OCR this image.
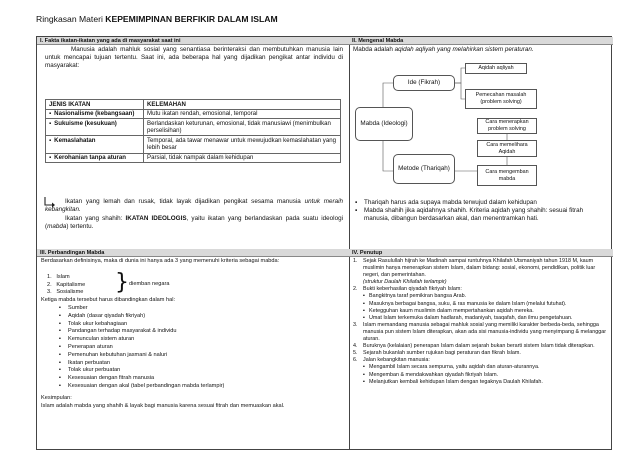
Ringkasan Materi KEPEMIMPINAN BERFIKIR DALAM ISLAM
I. Fakta ikatan-ikatan yang ada di masyarakat saat ini
Manusia adalah mahluk sosial yang senantiasa berinteraksi dan membutuhkan manusia lain untuk mencapai tujuan tertentu. Saat ini, ada beberapa hal yang dijadikan pengikat antar individu di masyarakat:
JENIS IKATAN	KELEMAHAN
▪ Nasionalisme (kebangsaan)	Mutu ikatan rendah, emosional, temporal
▪ Sukuisme (kesukuan)	Berlandaskan keturunan, emosional, tidak manusiawi (menimbulkan perselisihan)
▪ Kemaslahatan	Temporal, ada tawar menawar untuk mewujudkan kemaslahatan yang lebih besar
▪ Kerohanian tanpa aturan	Parsial, tidak nampak dalam kehidupan
Ikatan yang lemah dan rusak, tidak layak dijadikan pengikat sesama manusia untuk meraih kebangkitan.
Ikatan yang shahih: IKATAN IDEOLOGIS, yaitu ikatan yang berlandaskan pada suatu ideologi (mabda) tertentu.
II. Mengenal Mabda
Mabda adalah aqidah aqliyah yang melahirkan sistem peraturan.
Mabda (Ideologi)
Ide (Fikrah)
Metode (Thariqah)
Aqidah aqliyah
Pemecahan masalah (problem solving)
Cara menerapkan problem solving
Cara memelihara Aqidah
Cara mengemban mabda
▪ Thariqah harus ada supaya mabda terwujud dalam kehidupan
▪ Mabda shahih jika aqidahnya shahih. Kriteria aqidah yang shahih: sesuai fitrah manusia, dibangun berdasarkan akal, dan menentramkan hati.
III. Perbandingan Mabda
Berdasarkan definisinya, maka di dunia ini hanya ada 3 yang memenuhi kriteria sebagai mabda:
1.   Islam
2.   Kapitalisme
3.   Sosialisme } diemban negara
Ketiga mabda tersebut harus dibandingkan dalam hal:
▪ Sumber
▪ Aqidah (dasar qiyadah fikriyah)
▪ Tolak ukur kebahagiaan
▪ Pandangan terhadap masyarakat & individu
▪ Kemunculan sistem aturan
▪ Penerapan aturan
▪ Pemenuhan kebutuhan jasmani & naluri
▪ Ikatan perbuatan
▪ Tolak ukur perbuatan
▪ Kesesuaian dengan fitrah manusia
▪ Kesesuaian dengan akal (tabel perbandingan mabda terlampir)
Kesimpulan:
Islam adalah mabda yang shahih & layak bagi manusia karena sesuai fitrah dan memuaskan akal.
IV. Penutup
1. Sejak Rasulullah hijrah ke Madinah sampai runtuhnya Khilafah Utsmaniyah tahun 1918 M, kaum muslimin hanya menerapkan sistem Islam, dalam bidang: sosial, ekonomi, pendidikan, politik luar negeri, dan pemerintahan.
(struktur Daulah Khilafah terlampir)
2. Bukti keberhasilan qiyadah fikriyah Islam:
▪ Bangkitnya taraf pemikiran bangsa Arab.
▪ Masuknya berbagai bangsa, suku, & ras manusia ke dalam Islam (melalui futuhat).
▪ Ketegguhan kaum muslimin dalam mempertahankan aqidah mereka.
▪ Umat Islam terkemuka dalam hadlarah, madaniyah, tsaqafah, dan ilmu pengetahuan.
3. Islam memandang manusia sebagai mahluk sosial yang memiliki karakter berbeda-beda, sehingga manusia pun sistem Islam diterapkan, akan ada sisi manusia-individu yang menyimpang & melanggar aturan.
4. Buruknya (kelalaian) penerapan Islam dalam sejarah bukan berarti sistem Islam tidak diterapkan.
5. Sejarah bukanlah sumber rujukan bagi peraturan dan fikrah Islam.
6. Jalan kebangkitan manusia:
▪ Mengambil Islam secara sempurna, yaitu aqidah dan aturan-aturannya.
▪ Mengemban & mendakwahkan qiyadah fikriyah Islam.
▪ Melanjutkan kembali kehidupan Islam dengan tegaknya Daulah Khilafah.
